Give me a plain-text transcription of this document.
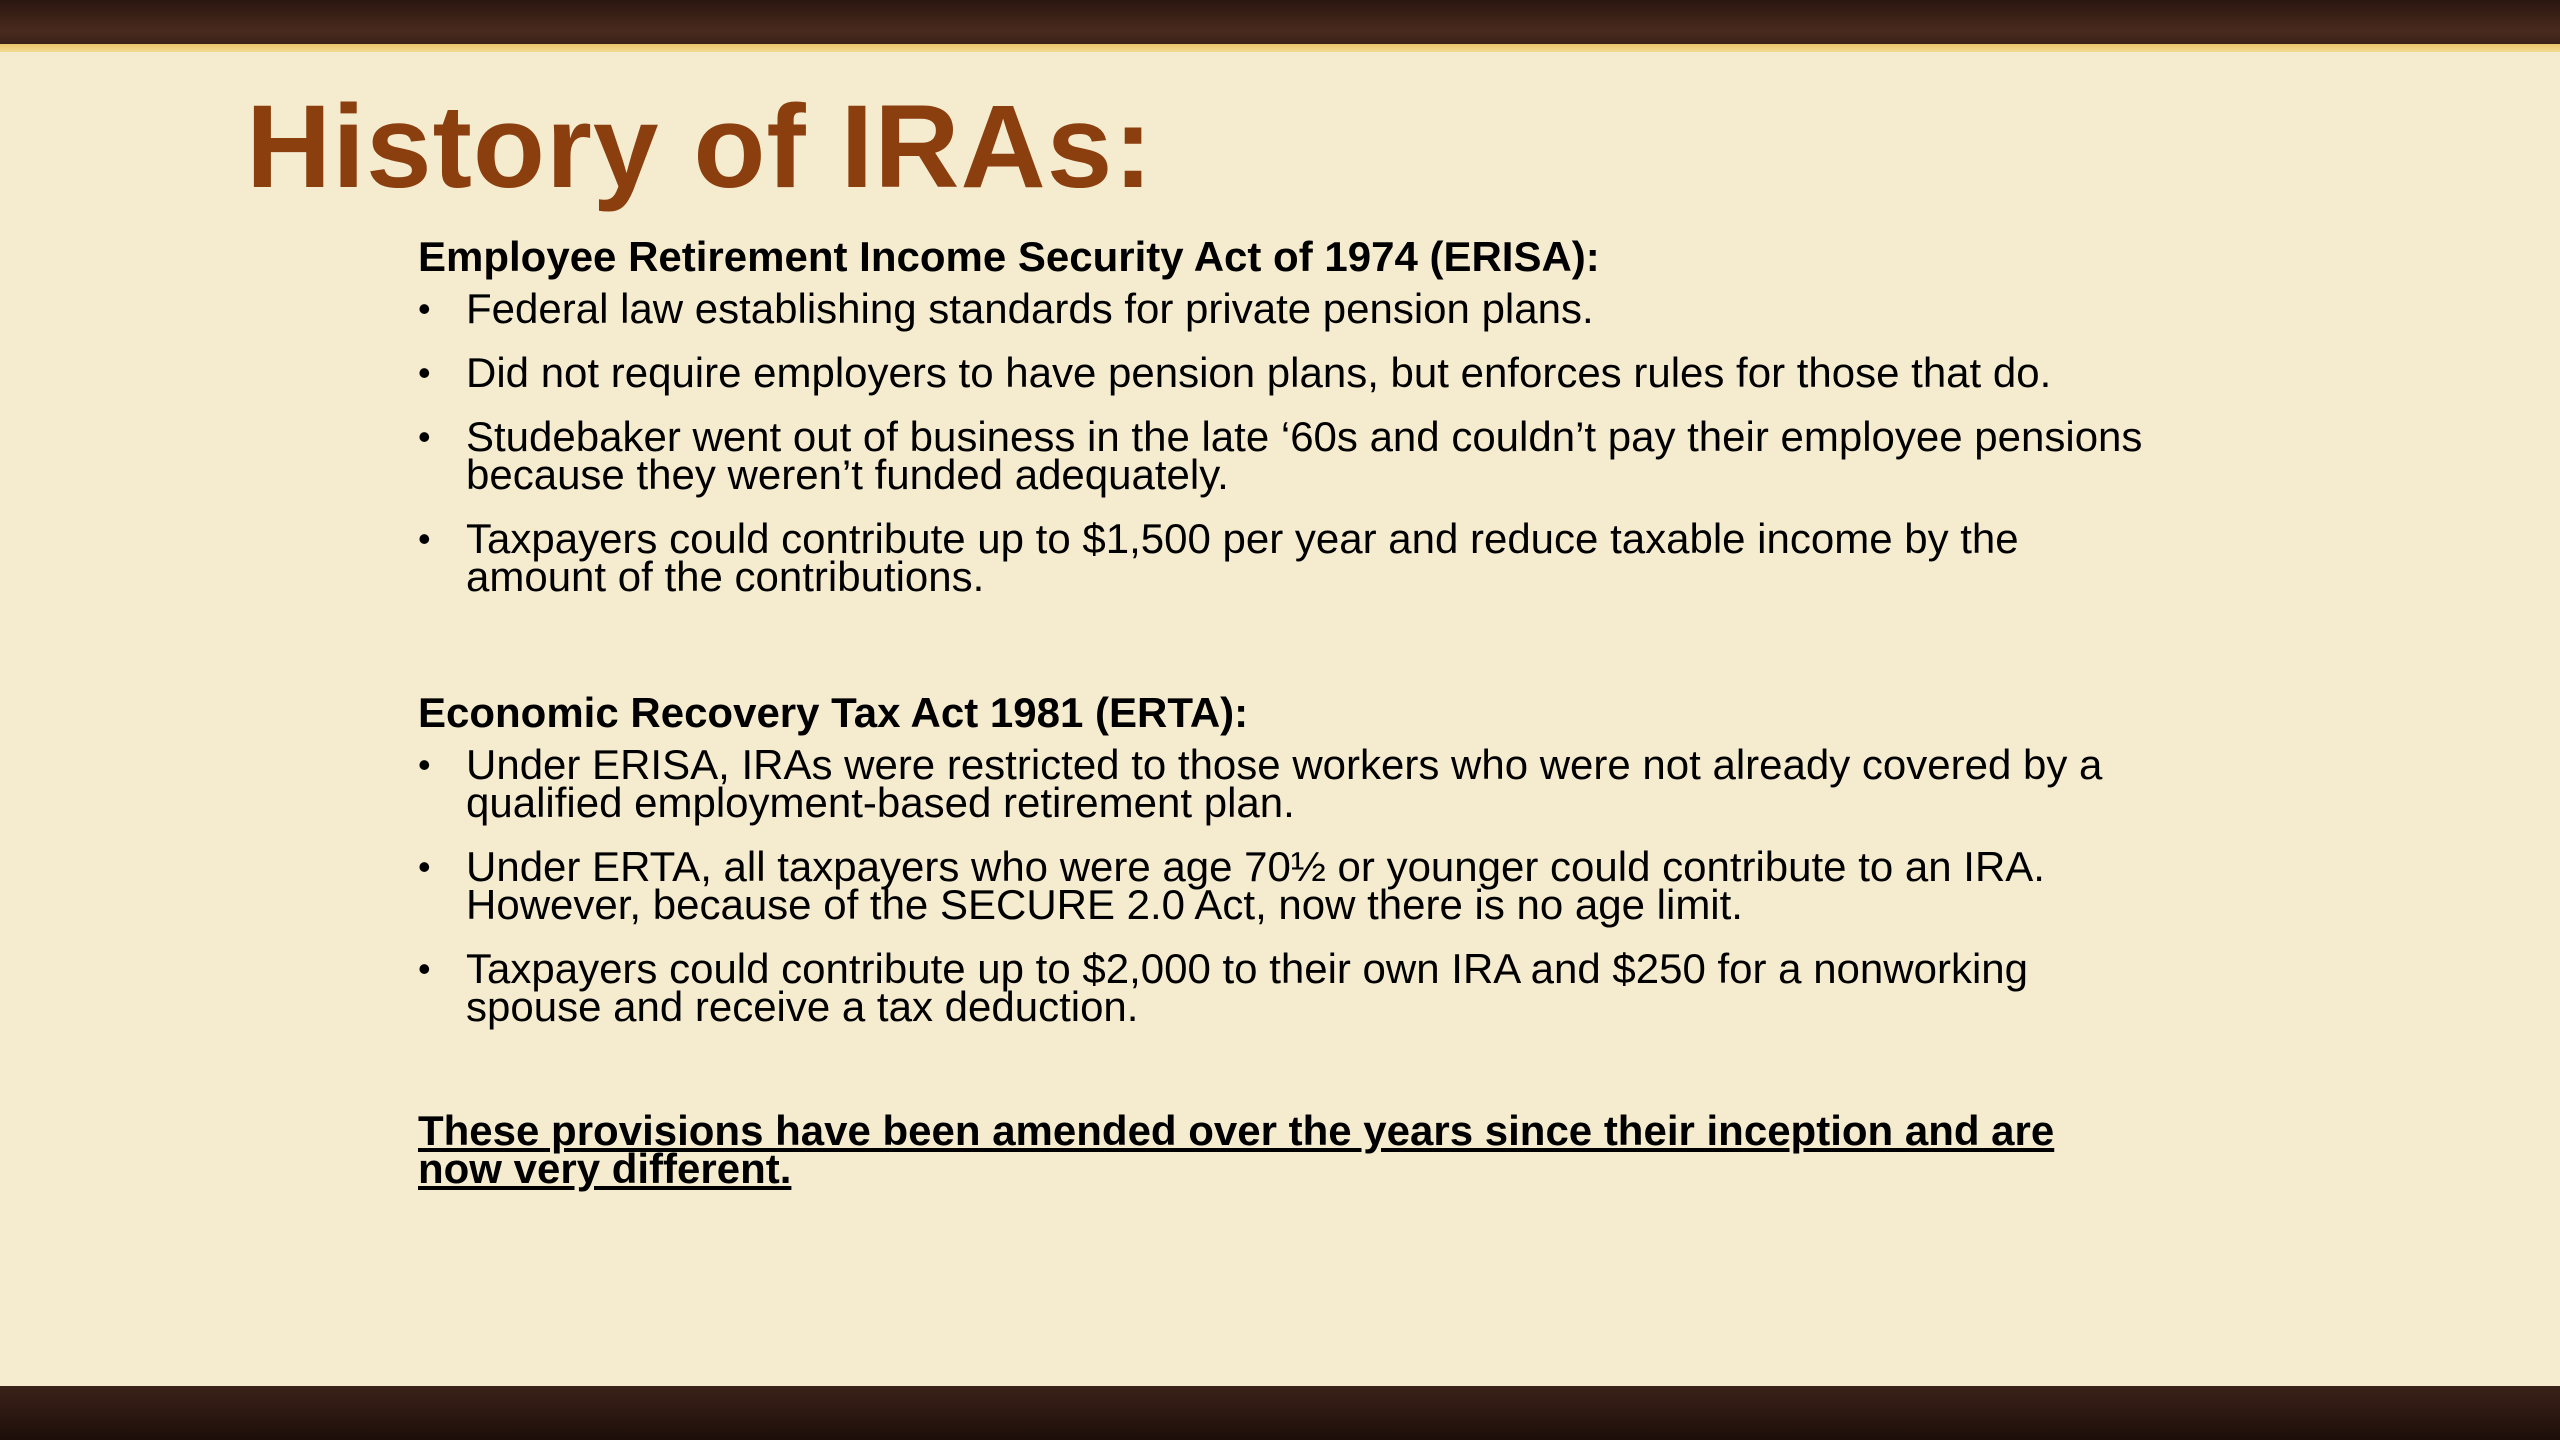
History of IRAs:
Employee Retirement Income Security Act of 1974 (ERISA):
• Federal law establishing standards for private pension plans.
• Did not require employers to have pension plans, but enforces rules for those that do.
• Studebaker went out of business in the late ‘60s and couldn’t pay their employee pensions because they weren’t funded adequately.
• Taxpayers could contribute up to $1,500 per year and reduce taxable income by the amount of the contributions.
Economic Recovery Tax Act 1981 (ERTA):
• Under ERISA, IRAs were restricted to those workers who were not already covered by a qualified employment-based retirement plan.
• Under ERTA, all taxpayers who were age 70½ or younger could contribute to an IRA. However, because of the SECURE 2.0 Act, now there is no age limit.
• Taxpayers could contribute up to $2,000 to their own IRA and $250 for a nonworking spouse and receive a tax deduction.

These provisions have been amended over the years since their inception and are now very different.
